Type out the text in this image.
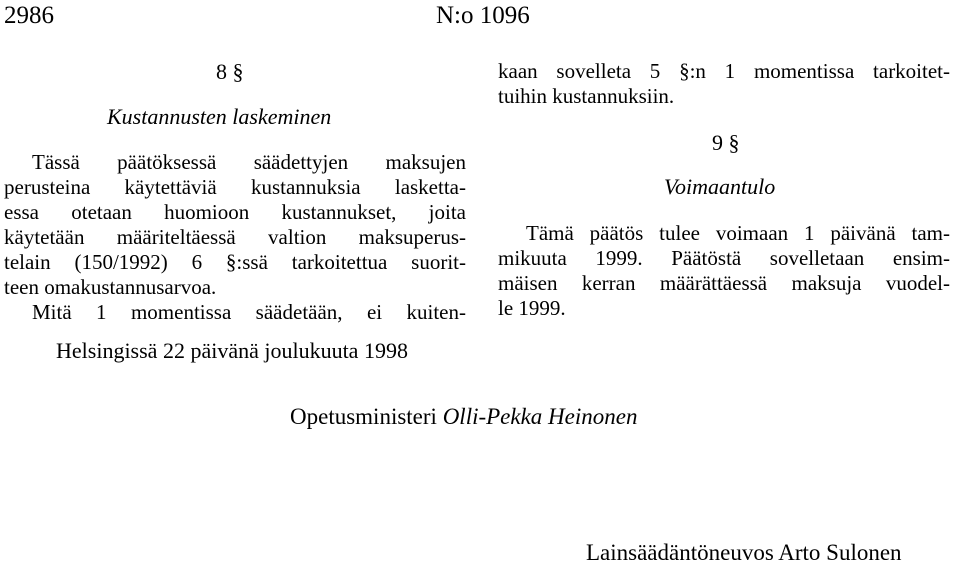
2986	N:o 1096
8 §
Kustannusten laskeminen
Tässä päätöksessä säädettyjen maksujen
perusteina käytettäviä kustannuksia lasketta-
essa otetaan huomioon kustannukset, joita
käytetään määriteltäessä valtion maksuperus-
telain (150/1992) 6 §:ssä tarkoitettua suorit-
teen omakustannusarvoa.
Mitä 1 momentissa säädetään, ei kuiten-
kaan sovelleta 5 §:n 1 momentissa tarkoitet-
tuihin kustannuksiin.
9 §
Voimaantulo
Tämä päätös tulee voimaan 1 päivänä tam-
mikuuta 1999. Päätöstä sovelletaan ensim-
mäisen kerran määrättäessä maksuja vuodel-
le 1999.
Helsingissä 22 päivänä joulukuuta 1998
Opetusministeri Olli-Pekka Heinonen
Lainsäädäntöneuvos Arto Sulonen
